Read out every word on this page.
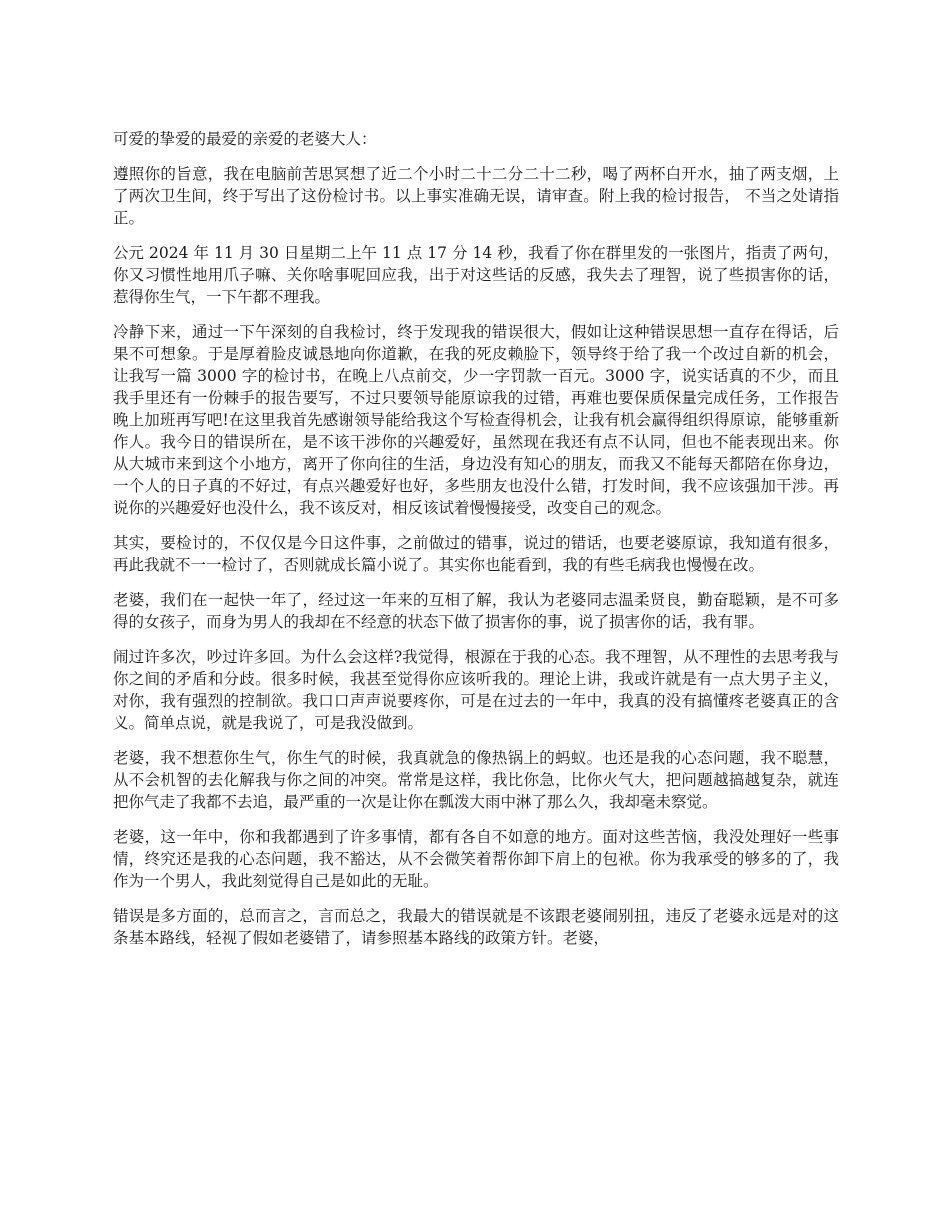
可爱的挚爱的最爱的亲爱的老婆大人：

遵照你的旨意，我在电脑前苦思冥想了近二个小时二十二分二十二秒，喝了两杯白开水，抽了两支烟，上了两次卫生间，终于写出了这份检讨书。以上事实准确无误，请审查。附上我的检讨报告， 不当之处请指正。

公元 2024 年 11 月 30 日星期二上午 11 点 17 分 14 秒，我看了你在群里发的一张图片，指责了两句，你又习惯性地用爪子嘛、关你啥事呢回应我，出于对这些话的反感，我失去了理智，说了些损害你的话，惹得你生气，一下午都不理我。

冷静下来，通过一下午深刻的自我检讨，终于发现我的错误很大，假如让这种错误思想一直存在得话，后果不可想象。于是厚着脸皮诚恳地向你道歉，在我的死皮赖脸下，领导终于给了我一个改过自新的机会，让我写一篇 3000 字的检讨书，在晚上八点前交，少一字罚款一百元。3000 字，说实话真的不少，而且我手里还有一份棘手的报告要写，不过只要领导能原谅我的过错，再难也要保质保量完成任务，工作报告晚上加班再写吧!在这里我首先感谢领导能给我这个写检查得机会，让我有机会赢得组织得原谅，能够重新作人。我今日的错误所在，是不该干涉你的兴趣爱好，虽然现在我还有点不认同，但也不能表现出来。你从大城市来到这个小地方，离开了你向往的生活，身边没有知心的朋友，而我又不能每天都陪在你身边，一个人的日子真的不好过，有点兴趣爱好也好，多些朋友也没什么错，打发时间，我不应该强加干涉。再说你的兴趣爱好也没什么，我不该反对，相反该试着慢慢接受，改变自己的观念。

其实，要检讨的，不仅仅是今日这件事，之前做过的错事，说过的错话，也要老婆原谅，我知道有很多，再此我就不一一检讨了，否则就成长篇小说了。其实你也能看到，我的有些毛病我也慢慢在改。

老婆，我们在一起快一年了，经过这一年来的互相了解，我认为老婆同志温柔贤良，勤奋聪颖，是不可多得的女孩子，而身为男人的我却在不经意的状态下做了损害你的事，说了损害你的话，我有罪。

闹过许多次，吵过许多回。为什么会这样?我觉得，根源在于我的心态。我不理智，从不理性的去思考我与你之间的矛盾和分歧。很多时候，我甚至觉得你应该听我的。理论上讲，我或许就是有一点大男子主义，对你，我有强烈的控制欲。我口口声声说要疼你，可是在过去的一年中，我真的没有搞懂疼老婆真正的含义。简单点说，就是我说了，可是我没做到。

老婆，我不想惹你生气，你生气的时候，我真就急的像热锅上的蚂蚁。也还是我的心态问题，我不聪慧，从不会机智的去化解我与你之间的冲突。常常是这样，我比你急，比你火气大，把问题越搞越复杂，就连把你气走了我都不去追，最严重的一次是让你在瓢泼大雨中淋了那么久，我却毫未察觉。

老婆，这一年中，你和我都遇到了许多事情，都有各自不如意的地方。面对这些苦恼，我没处理好一些事情，终究还是我的心态问题，我不豁达，从不会微笑着帮你卸下肩上的包袱。你为我承受的够多的了，我作为一个男人，我此刻觉得自己是如此的无耻。

错误是多方面的，总而言之，言而总之，我最大的错误就是不该跟老婆闹别扭，违反了老婆永远是对的这条基本路线，轻视了假如老婆错了，请参照基本路线的政策方针。老婆，
